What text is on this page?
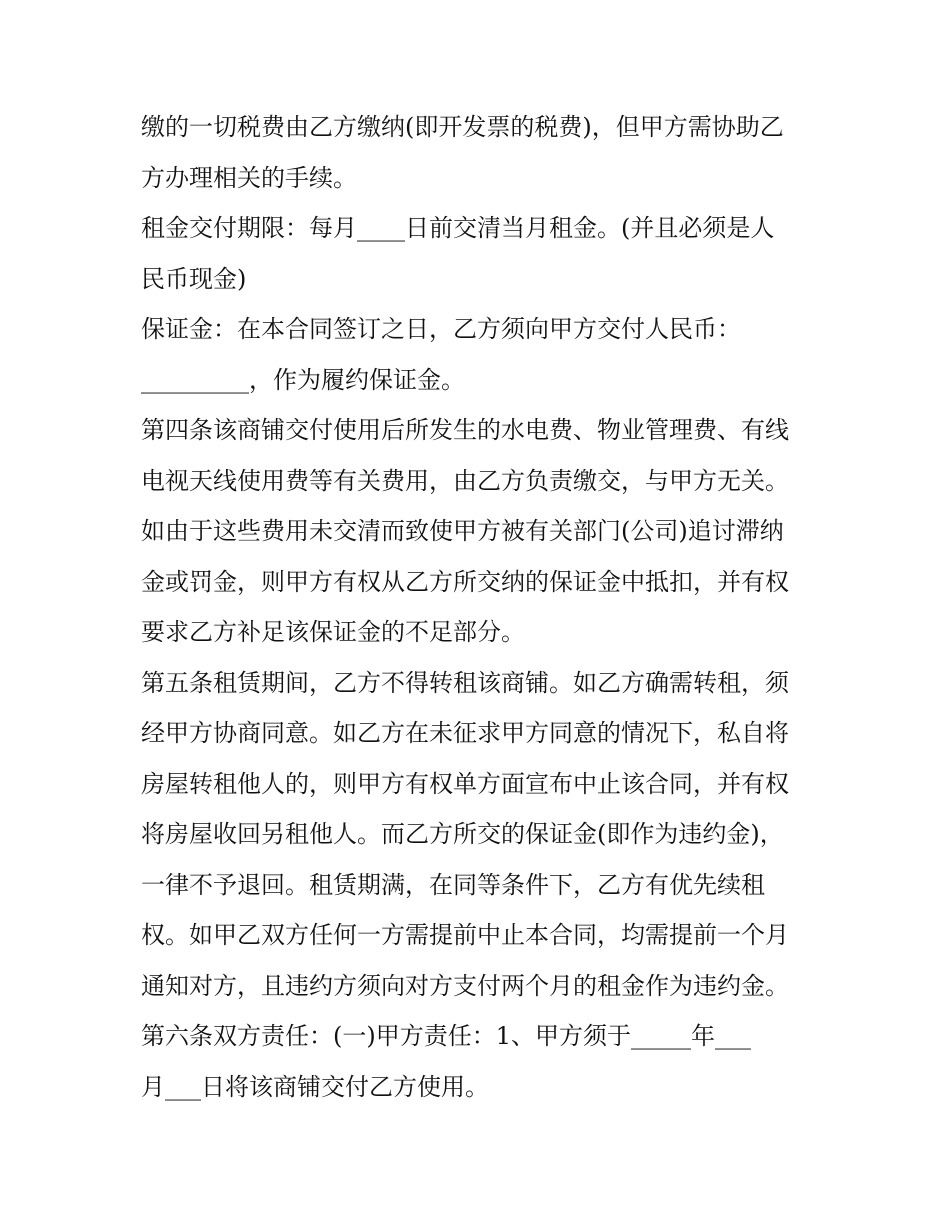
缴的一切税费由乙方缴纳(即开发票的税费)，但甲方需协助乙
方办理相关的手续。
租金交付期限：每月____日前交清当月租金。(并且必须是人
民币现金)
保证金：在本合同签订之日，乙方须向甲方交付人民币：
_________，作为履约保证金。
第四条该商铺交付使用后所发生的水电费、物业管理费、有线
电视天线使用费等有关费用，由乙方负责缴交，与甲方无关。
如由于这些费用未交清而致使甲方被有关部门(公司)追讨滞纳
金或罚金，则甲方有权从乙方所交纳的保证金中抵扣，并有权
要求乙方补足该保证金的不足部分。
第五条租赁期间，乙方不得转租该商铺。如乙方确需转租，须
经甲方协商同意。如乙方在未征求甲方同意的情况下，私自将
房屋转租他人的，则甲方有权单方面宣布中止该合同，并有权
将房屋收回另租他人。而乙方所交的保证金(即作为违约金)，
一律不予退回。租赁期满，在同等条件下，乙方有优先续租
权。如甲乙双方任何一方需提前中止本合同，均需提前一个月
通知对方，且违约方须向对方支付两个月的租金作为违约金。
第六条双方责任：(一)甲方责任：1、甲方须于_____年___
月___日将该商铺交付乙方使用。
